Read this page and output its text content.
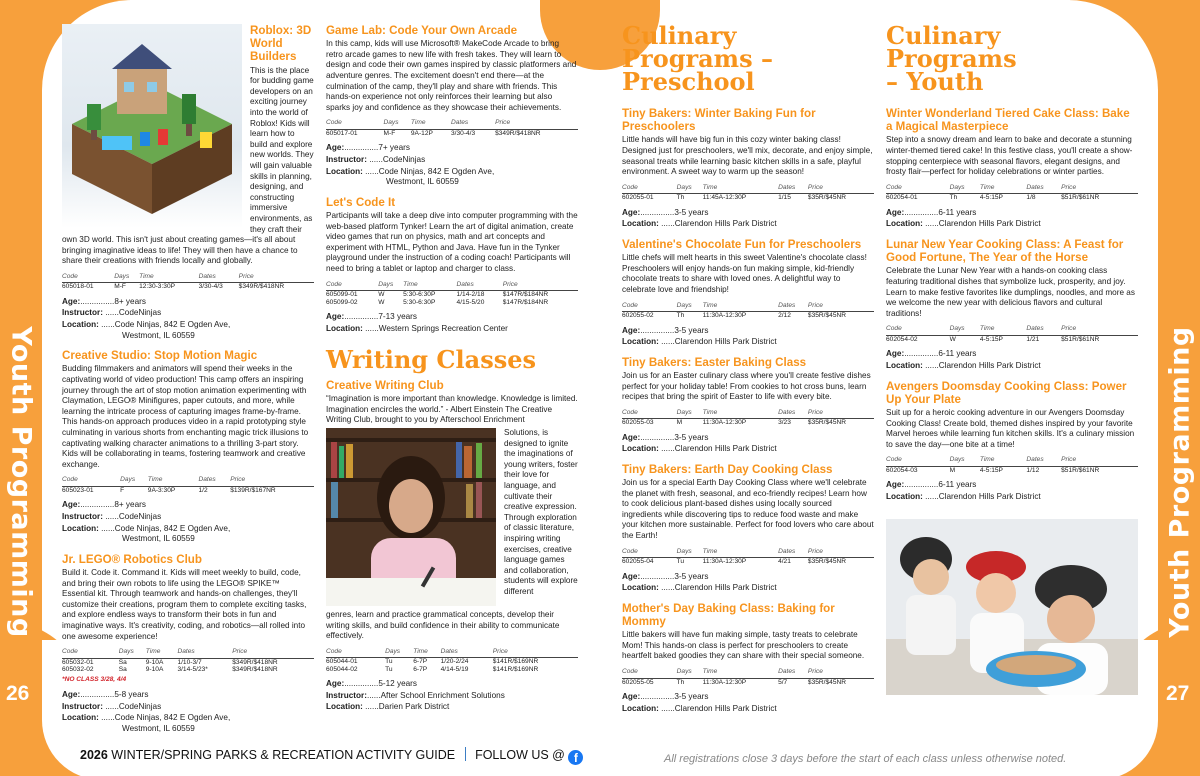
Youth Programming	Youth Programming
26	27
Roblox: 3D World Builders

This is the place for budding game developers on an exciting journey into the world of Roblox! Kids will learn how to build and explore new worlds. They will gain valuable skills in planning, designing, and constructing immersive environments, as they craft their own 3D world. This isn't just about creating games—it's all about bringing imaginative ideas to life! They will then have a chance to share their creations with friends locally and globally.

Code	Days	Time	Dates	Price
605018-01	M-F	12:30-3:30P	3/30-4/3	$349R/$418NR
Age:...............8+ years
Instructor: ......CodeNinjas
Location: ......Code Ninjas, 842 E Ogden Ave,
Westmont, IL 60559
Creative Studio: Stop Motion Magic

Budding filmmakers and animators will spend their weeks in the captivating world of video production! This camp offers an inspiring journey through the art of stop motion animation experimenting with Claymation, LEGO® Minifigures, paper cutouts, and more, while learning the intricate process of capturing images frame-by-frame. This hands-on approach produces video in a rapid prototyping style culminating in various shorts from enchanting magic trick illusions to captivating walking character animations to a thrilling 3-part story. Kids will be collaborating in teams, fostering teamwork and creative exchange.

Code	Days	Time	Dates	Price
605023-01	F	9A-3:30P	1/2	$139R/$167NR
Age:...............8+ years
Instructor: ......CodeNinjas
Location: ......Code Ninjas, 842 E Ogden Ave,
Westmont, IL 60559
Jr. LEGO® Robotics Club

Build it. Code it. Command it. Kids will meet weekly to build, code, and bring their own robots to life using the LEGO® SPIKE™ Essential kit. Through teamwork and hands-on challenges, they'll customize their creations, program them to complete exciting tasks, and explore endless ways to transform their bots in fun and imaginative ways. It's creativity, coding, and robotics—all rolled into one awesome experience!

Code	Days	Time	Dates	Price
605032-01	Sa	9-10A	1/10-3/7	$349R/$418NR
605032-02	Sa	9-10A	3/14-5/23*	$349R/$418NR
*NO CLASS 3/28, 4/4
Age:...............5-8 years
Instructor: ......CodeNinjas
Location: ......Code Ninjas, 842 E Ogden Ave,
Westmont, IL 60559
Game Lab: Code Your Own Arcade

In this camp, kids will use Microsoft® MakeCode Arcade to bring retro arcade games to new life with fresh takes. They will learn to design and code their own games inspired by classic platformers and adventure genres. The excitement doesn't end there—at the culmination of the camp, they'll play and share with friends. This hands-on experience not only reinforces their learning but also sparks joy and confidence as they showcase their achievements.

Code	Days	Time	Dates	Price
605017-01	M-F	9A-12P	3/30-4/3	$349R/$418NR
Age:...............7+ years
Instructor: ......CodeNinjas
Location: ......Code Ninjas, 842 E Ogden Ave,
Westmont, IL 60559
Let's Code It

Participants will take a deep dive into computer programming with the web-based platform Tynker! Learn the art of digital animation, create video games that run on physics, math and art concepts and experiment with HTML, Python and Java. Have fun in the Tynker playground under the instruction of a coding coach! Participants will need to bring a tablet or laptop and charger to class.

Code	Days	Time	Dates	Price
605099-01	W	5:30-6:30P	1/14-2/18	$147R/$184NR
605099-02	W	5:30-6:30P	4/15-5/20	$147R/$184NR
Age:...............7-13 years
Location: ......Western Springs Recreation Center
Writing Classes
Creative Writing Club

“Imagination is more important than knowledge. Knowledge is limited. Imagination encircles the world.” - Albert Einstein The Creative Writing Club, brought to you by Afterschool Enrichment

Solutions, is designed to ignite the imaginations of young writers, foster their love for language, and cultivate their creative expression. Through exploration of classic literature, inspiring writing exercises, creative language games and collaboration, students will explore different

genres, learn and practice grammatical concepts, develop their writing skills, and build confidence in their ability to communicate effectively.

Code	Days	Time	Dates	Price
605044-01	Tu	6-7P	1/20-2/24	$141R/$169NR
605044-02	Tu	6-7P	4/14-5/19	$141R/$169NR
Age:...............5-12 years
Instructor:......After School Enrichment Solutions
Location: ......Darien Park District
Culinary Programs – Preschool
Tiny Bakers: Winter Baking Fun for Preschoolers

Little hands will have big fun in this cozy winter baking class! Designed just for preschoolers, we'll mix, decorate, and enjoy simple, seasonal treats while learning basic kitchen skills in a safe, playful environment. A sweet way to warm up the season!

Code	Days	Time	Dates	Price
602055-01	Th	11:45A-12:30P	1/15	$35R/$45NR
Age:...............3-5 years
Location: ......Clarendon Hills Park District
Valentine's Chocolate Fun for Preschoolers

Little chefs will melt hearts in this sweet Valentine's chocolate class! Preschoolers will enjoy hands-on fun making simple, kid-friendly chocolate treats to share with loved ones. A delightful way to celebrate love and friendship!

Code	Days	Time	Dates	Price
602055-02	Th	11:30A-12:30P	2/12	$35R/$45NR
Age:...............3-5 years
Location: ......Clarendon Hills Park District
Tiny Bakers: Easter Baking Class

Join us for an Easter culinary class where you'll create festive dishes perfect for your holiday table! From cookies to hot cross buns, learn recipes that bring the spirit of Easter to life with every bite.

Code	Days	Time	Dates	Price
602055-03	M	11:30A-12:30P	3/23	$35R/$45NR
Age:...............3-5 years
Location: ......Clarendon Hills Park District
Tiny Bakers: Earth Day Cooking Class

Join us for a special Earth Day Cooking Class where we'll celebrate the planet with fresh, seasonal, and eco-friendly recipes! Learn how to cook delicious plant-based dishes using locally sourced ingredients while discovering tips to reduce food waste and make your kitchen more sustainable. Perfect for food lovers who care about the Earth!

Code	Days	Time	Dates	Price
602055-04	Tu	11:30A-12:30P	4/21	$35R/$45NR
Age:...............3-5 years
Location: ......Clarendon Hills Park District
Mother's Day Baking Class: Baking for Mommy

Little bakers will have fun making simple, tasty treats to celebrate Mom! This hands-on class is perfect for preschoolers to create heartfelt baked goodies they can share with their special someone.

Code	Days	Time	Dates	Price
602055-05	Th	11:30A-12:30P	5/7	$35R/$45NR
Age:...............3-5 years
Location: ......Clarendon Hills Park District
Culinary Programs – Youth
Winter Wonderland Tiered Cake Class: Bake a Magical Masterpiece

Step into a snowy dream and learn to bake and decorate a stunning winter-themed tiered cake! In this festive class, you'll create a show-stopping centerpiece with seasonal flavors, elegant designs, and frosty flair—perfect for holiday celebrations or winter parties.

Code	Days	Time	Dates	Price
602054-01	Th	4-5:15P	1/8	$51R/$61NR
Age:...............6-11 years
Location: ......Clarendon Hills Park District
Lunar New Year Cooking Class: A Feast for Good Fortune, The Year of the Horse

Celebrate the Lunar New Year with a hands-on cooking class featuring traditional dishes that symbolize luck, prosperity, and joy. Learn to make festive favorites like dumplings, noodles, and more as we welcome the new year with delicious flavors and cultural traditions!

Code	Days	Time	Dates	Price
602054-02	W	4-5:15P	1/21	$51R/$61NR
Age:...............6-11 years
Location: ......Clarendon Hills Park District
Avengers Doomsday Cooking Class: Power Up Your Plate

Suit up for a heroic cooking adventure in our Avengers Doomsday Cooking Class! Create bold, themed dishes inspired by your favorite Marvel heroes while learning fun kitchen skills. It's a culinary mission to save the day—one bite at a time!

Code	Days	Time	Dates	Price
602054-03	M	4-5:15P	1/12	$51R/$61NR
Age:...............6-11 years
Location: ......Clarendon Hills Park District
2026 WINTER/SPRING PARKS & RECREATION ACTIVITY GUIDE FOLLOW US @ f	All registrations close 3 days before the start of each class unless otherwise noted.
